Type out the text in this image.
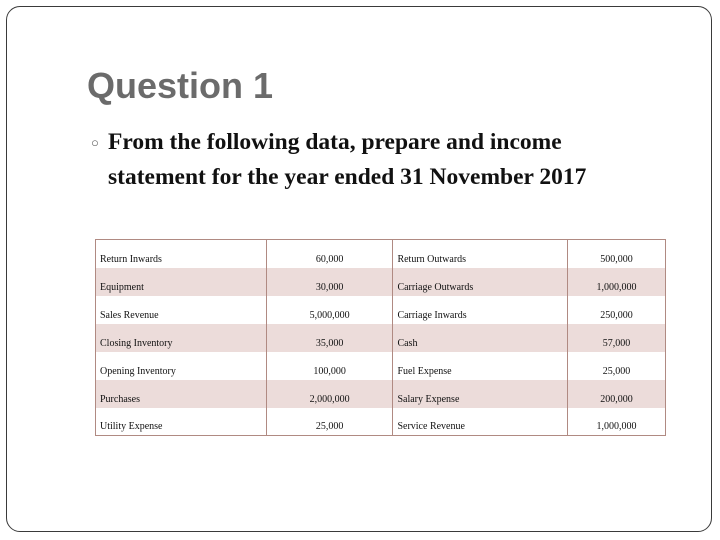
Question 1
○ From the following data, prepare and income
statement for the year ended 31 November 2017
Return Inwards	60,000	Return Outwards	500,000
Equipment	30,000	Carriage Outwards	1,000,000
Sales Revenue	5,000,000	Carriage Inwards	250,000
Closing Inventory	35,000	Cash	57,000
Opening Inventory	100,000	Fuel Expense	25,000
Purchases	2,000,000	Salary Expense	200,000
Utility Expense	25,000	Service Revenue	1,000,000
